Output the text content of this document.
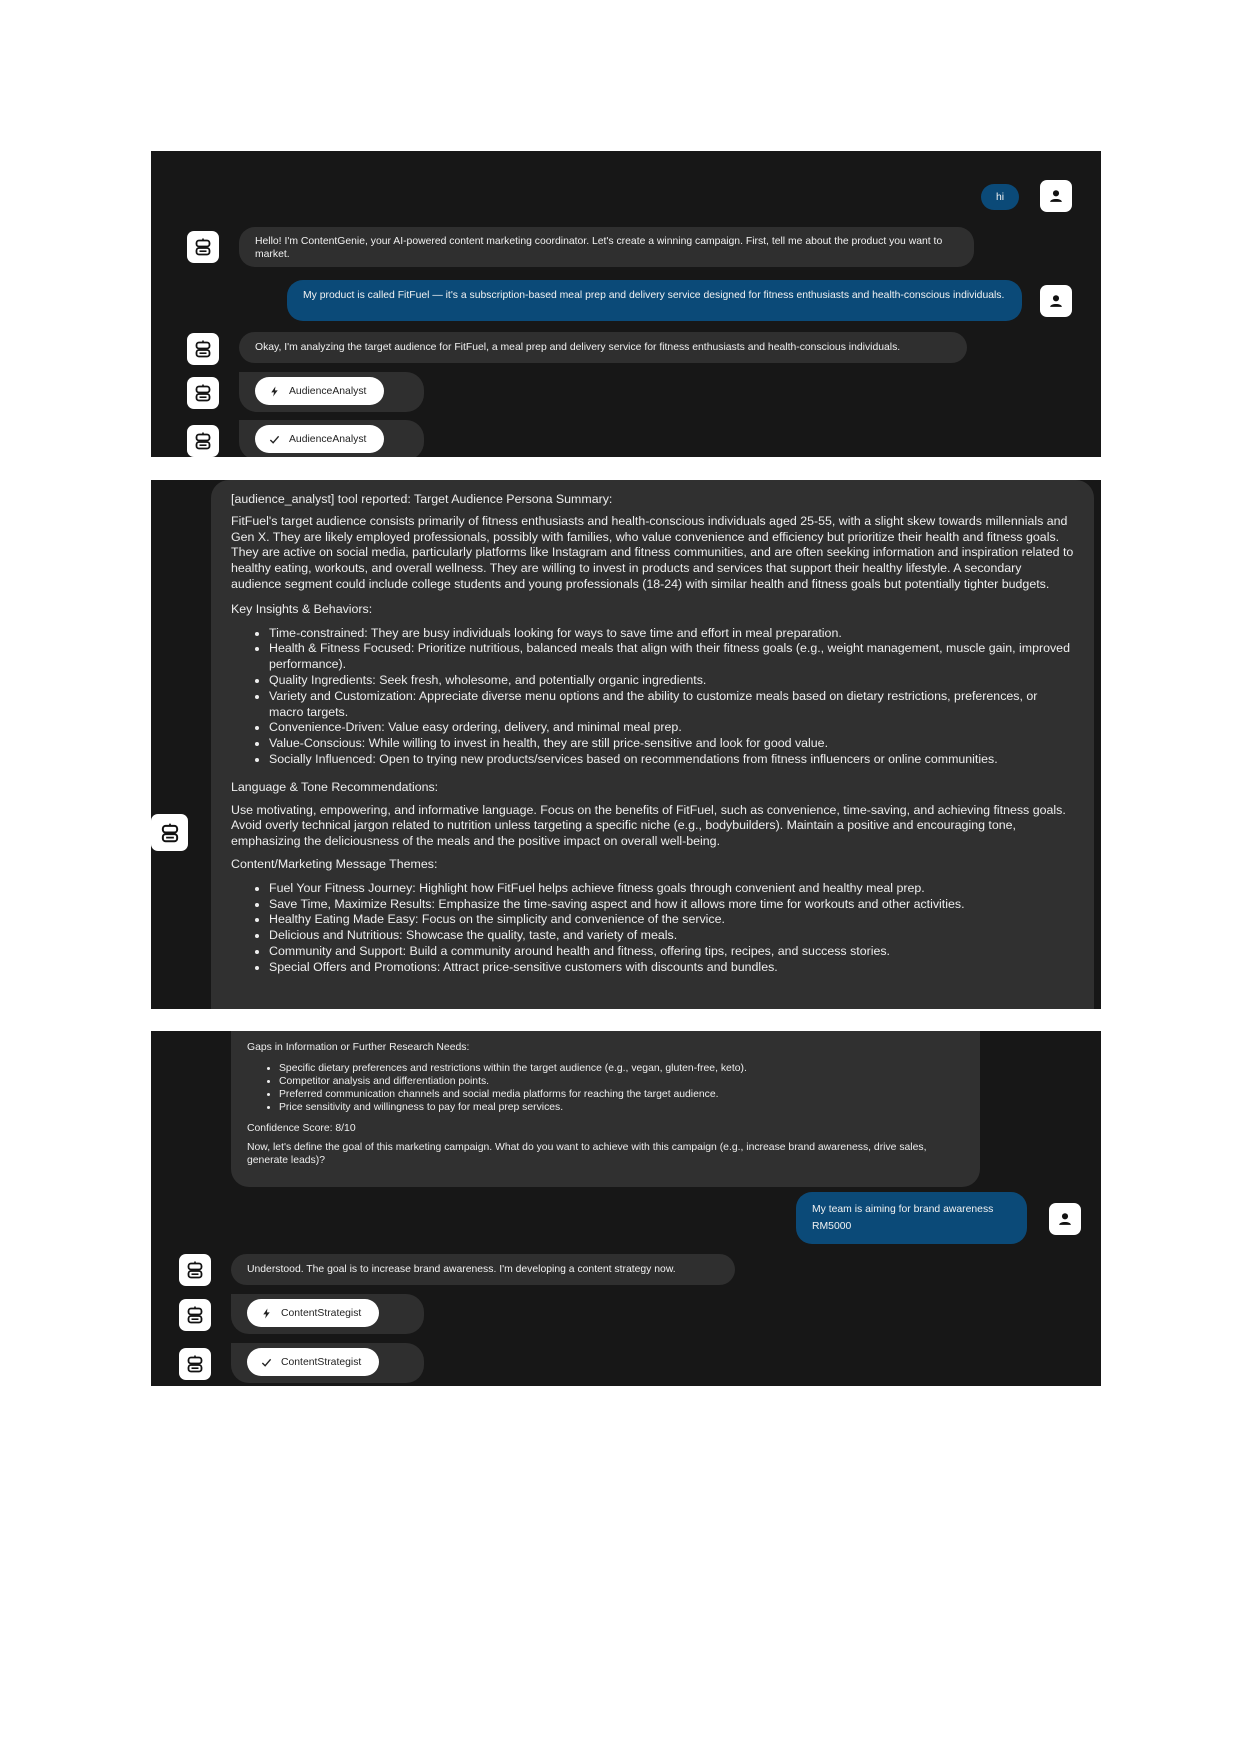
hi
Hello! I'm ContentGenie, your AI-powered content marketing coordinator. Let's create a winning campaign. First, tell me about the product you want to market.
My product is called FitFuel — it's a subscription-based meal prep and delivery service designed for fitness enthusiasts and health-conscious individuals.
Okay, I'm analyzing the target audience for FitFuel, a meal prep and delivery service for fitness enthusiasts and health-conscious individuals.
AudienceAnalyst
AudienceAnalyst

[audience_analyst] tool reported: Target Audience Persona Summary:

FitFuel's target audience consists primarily of fitness enthusiasts and health-conscious individuals aged 25-55, with a slight skew towards millennials and Gen X. They are likely employed professionals, possibly with families, who value convenience and efficiency but prioritize their health and fitness goals. They are active on social media, particularly platforms like Instagram and fitness communities, and are often seeking information and inspiration related to healthy eating, workouts, and overall wellness. They are willing to invest in products and services that support their healthy lifestyle. A secondary audience segment could include college students and young professionals (18-24) with similar health and fitness goals but potentially tighter budgets.

Key Insights & Behaviors:

• Time-constrained: They are busy individuals looking for ways to save time and effort in meal preparation.
• Health & Fitness Focused: Prioritize nutritious, balanced meals that align with their fitness goals (e.g., weight management, muscle gain, improved performance).
• Quality Ingredients: Seek fresh, wholesome, and potentially organic ingredients.
• Variety and Customization: Appreciate diverse menu options and the ability to customize meals based on dietary restrictions, preferences, or macro targets.
• Convenience-Driven: Value easy ordering, delivery, and minimal meal prep.
• Value-Conscious: While willing to invest in health, they are still price-sensitive and look for good value.
• Socially Influenced: Open to trying new products/services based on recommendations from fitness influencers or online communities.

Language & Tone Recommendations:

Use motivating, empowering, and informative language. Focus on the benefits of FitFuel, such as convenience, time-saving, and achieving fitness goals. Avoid overly technical jargon related to nutrition unless targeting a specific niche (e.g., bodybuilders). Maintain a positive and encouraging tone, emphasizing the deliciousness of the meals and the positive impact on overall well-being.

Content/Marketing Message Themes:

• Fuel Your Fitness Journey: Highlight how FitFuel helps achieve fitness goals through convenient and healthy meal prep.
• Save Time, Maximize Results: Emphasize the time-saving aspect and how it allows more time for workouts and other activities.
• Healthy Eating Made Easy: Focus on the simplicity and convenience of the service.
• Delicious and Nutritious: Showcase the quality, taste, and variety of meals.
• Community and Support: Build a community around health and fitness, offering tips, recipes, and success stories.
• Special Offers and Promotions: Attract price-sensitive customers with discounts and bundles.

Gaps in Information or Further Research Needs:

• Specific dietary preferences and restrictions within the target audience (e.g., vegan, gluten-free, keto).
• Competitor analysis and differentiation points.
• Preferred communication channels and social media platforms for reaching the target audience.
• Price sensitivity and willingness to pay for meal prep services.

Confidence Score: 8/10

Now, let's define the goal of this marketing campaign. What do you want to achieve with this campaign (e.g., increase brand awareness, drive sales, generate leads)?

My team is aiming for brand awareness
RM5000
Understood. The goal is to increase brand awareness. I'm developing a content strategy now.
ContentStrategist
ContentStrategist
